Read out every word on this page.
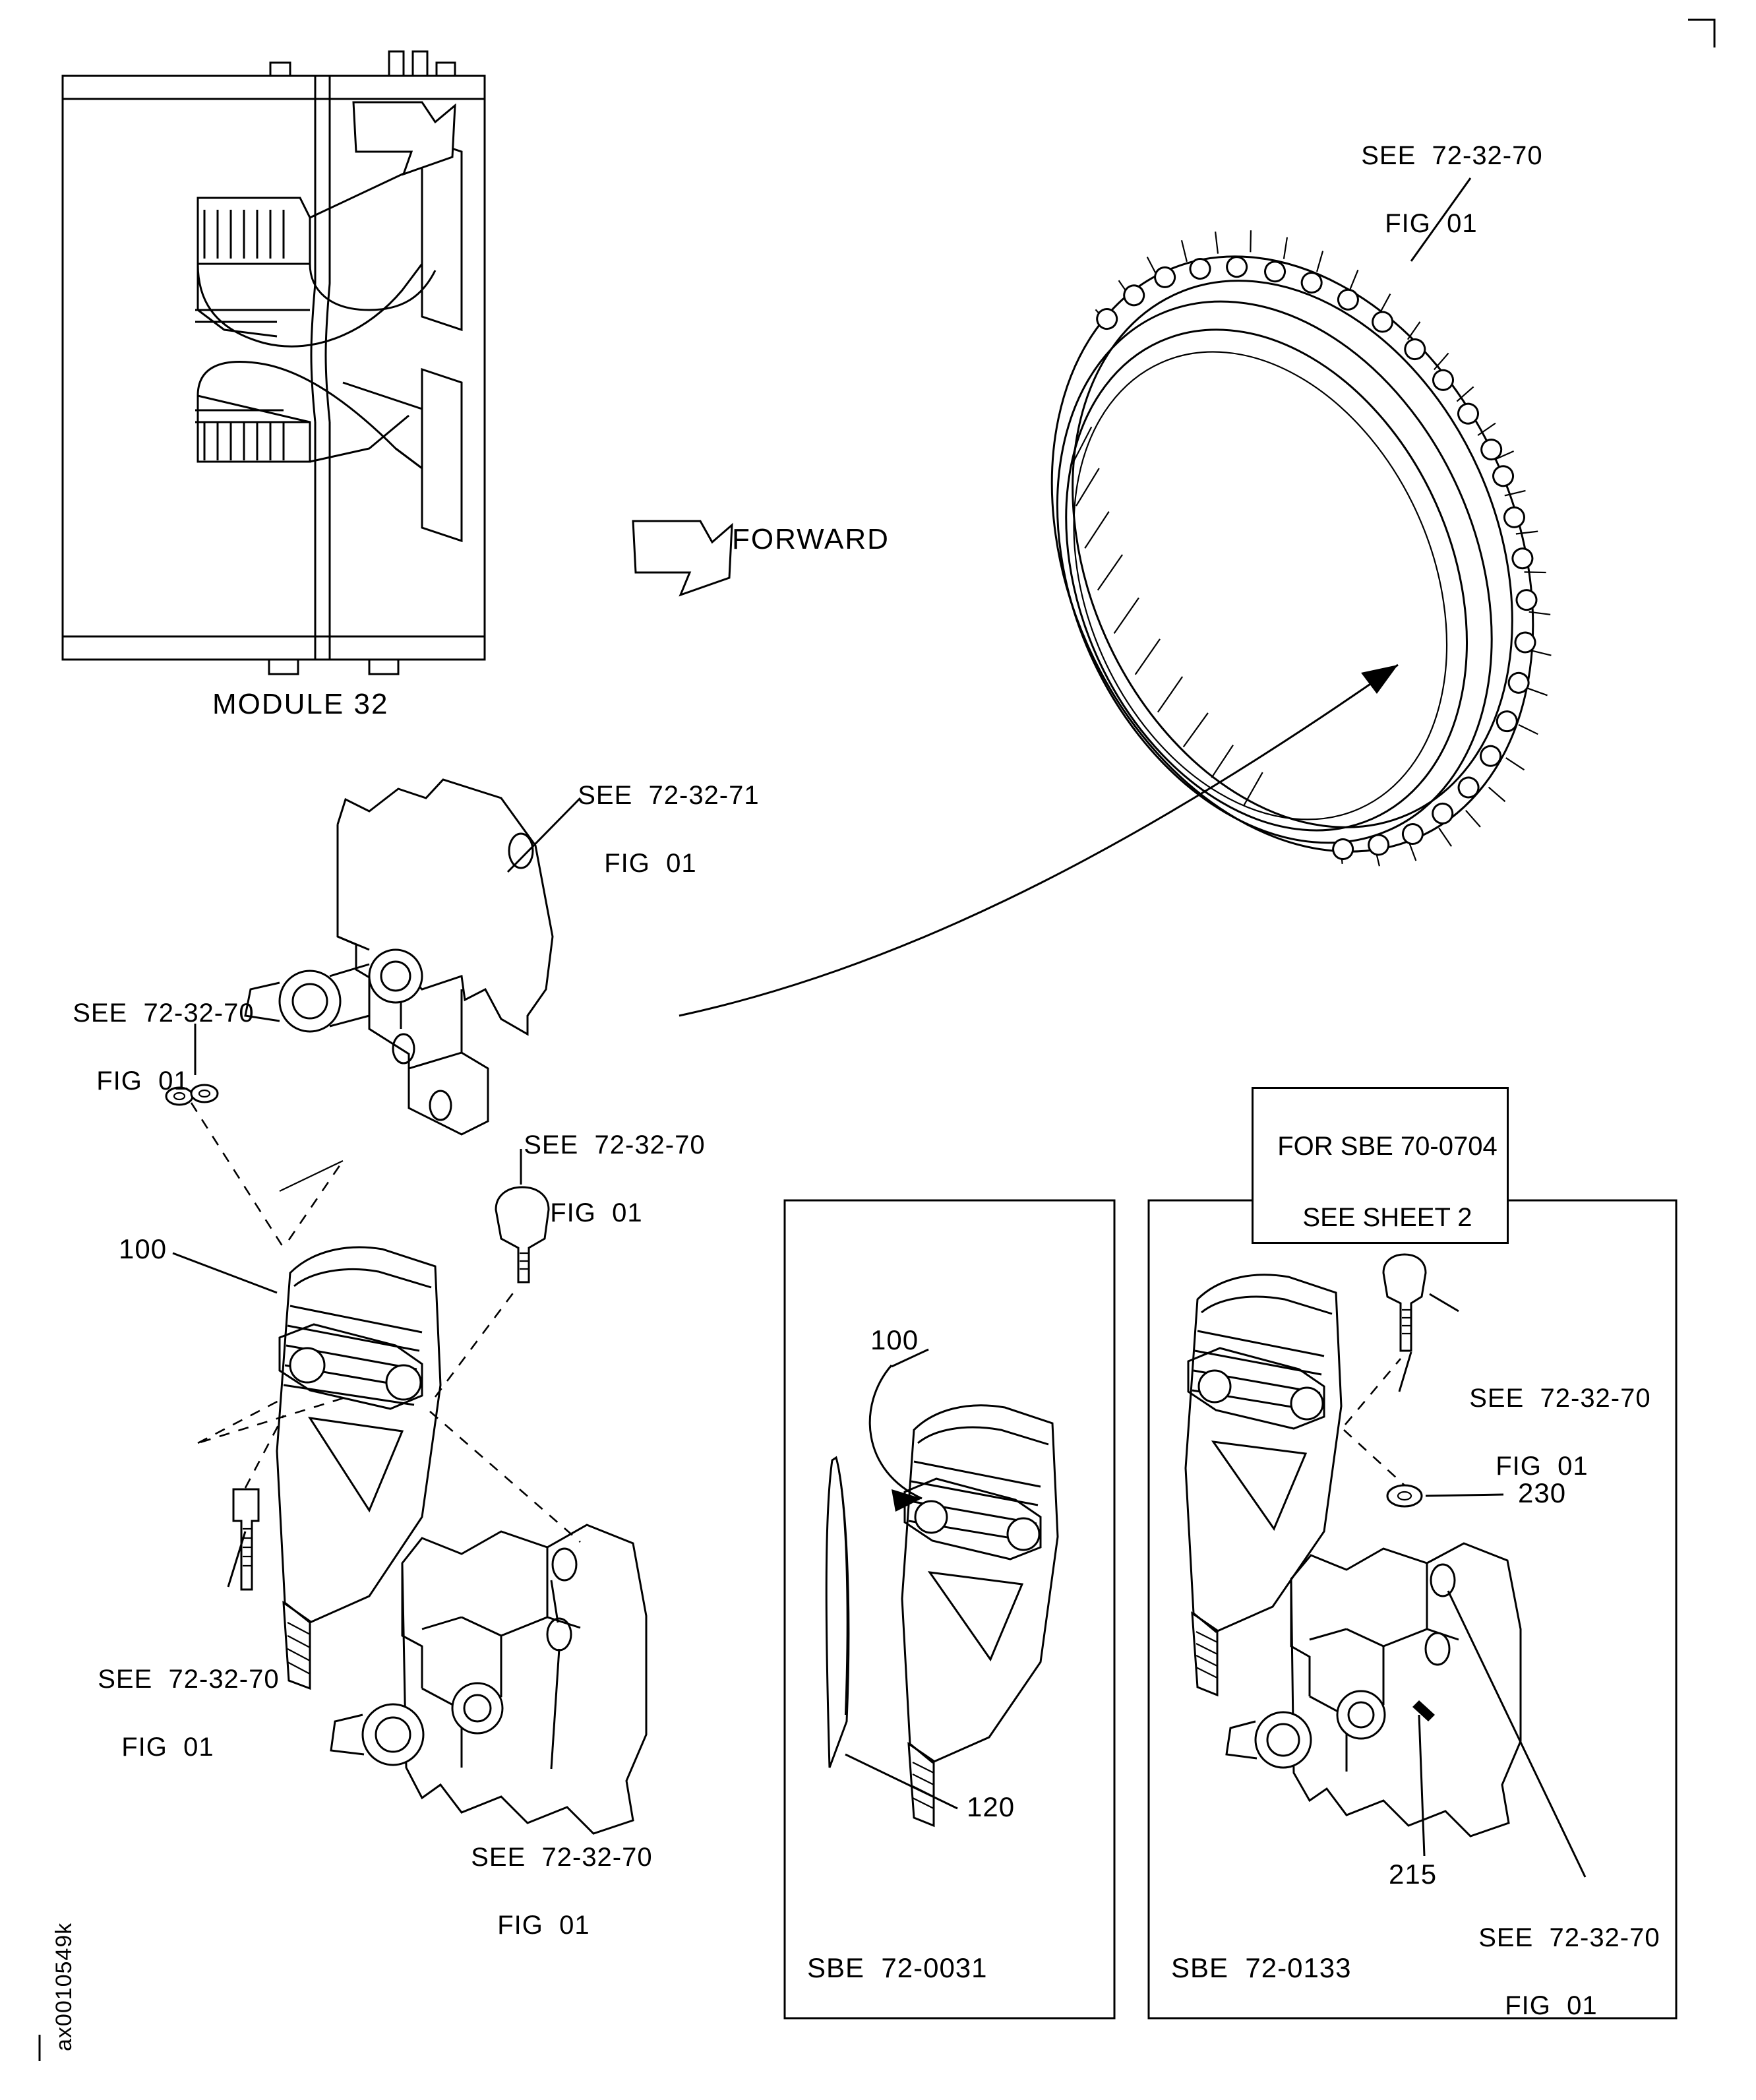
SEE  72-32-70

FIG  01

MODULE 32
FORWARD

SEE  72-32-71

FIG  01

SEE  72-32-70

FIG  01

SEE  72-32-70

FIG  01

100

SEE  72-32-70

FIG  01

SEE  72-32-70

FIG  01

FOR SBE 70-0704

SEE SHEET 2

100
120

SEE  72-32-70

FIG  01

230
215

SEE  72-32-70

FIG  01

SBE  72-0031	SBE  72-0133
ax0010549k
